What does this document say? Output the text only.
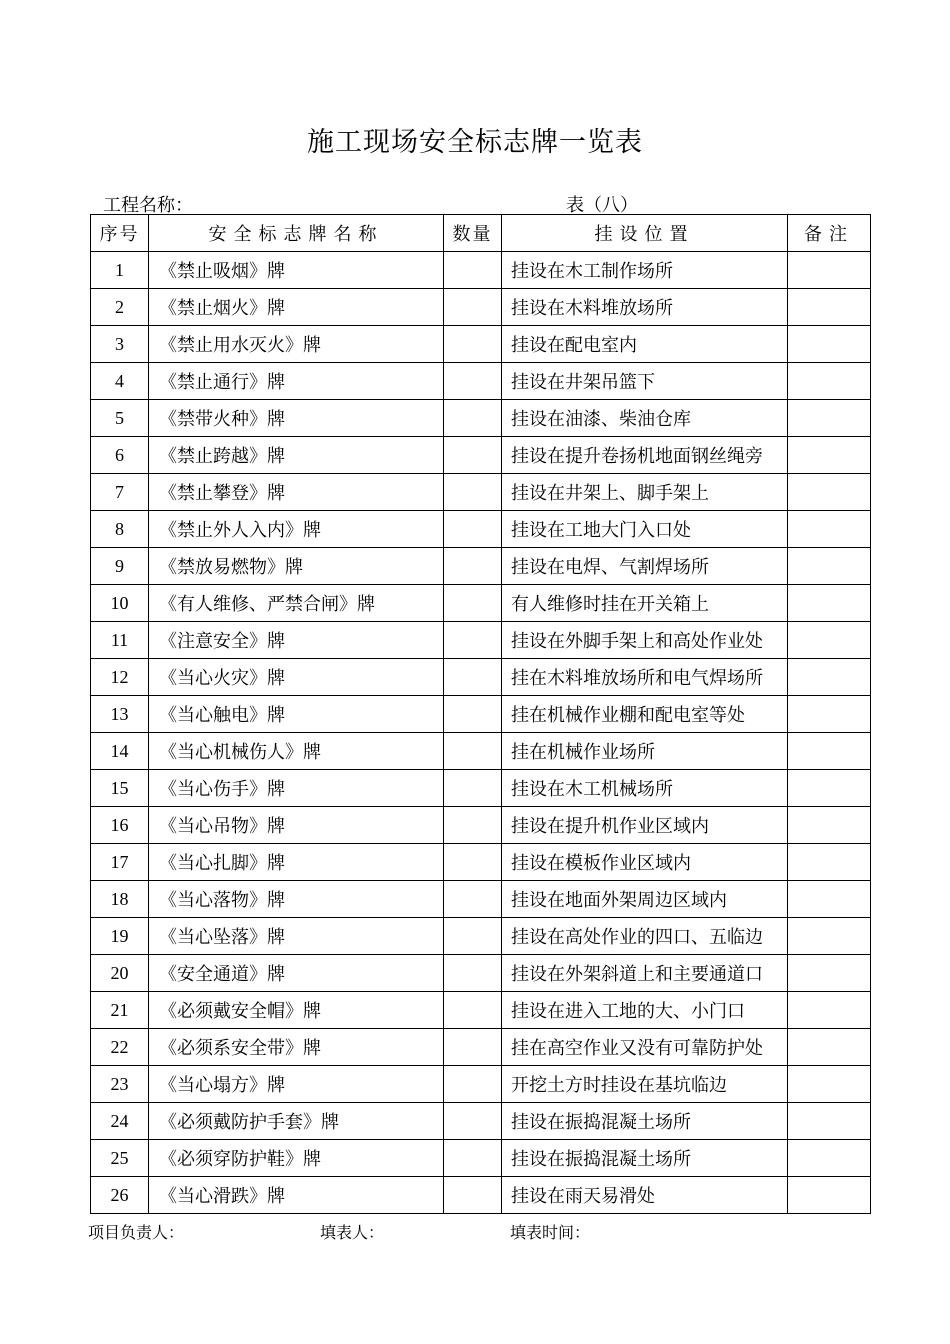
施工现场安全标志牌一览表
工程名称：	表（八）
序号	安全标志牌名称	数量	挂设位置	备注
1	《禁止吸烟》牌		挂设在木工制作场所	
2	《禁止烟火》牌		挂设在木料堆放场所	
3	《禁止用水灭火》牌		挂设在配电室内	
4	《禁止通行》牌		挂设在井架吊篮下	
5	《禁带火种》牌		挂设在油漆、柴油仓库	
6	《禁止跨越》牌		挂设在提升卷扬机地面钢丝绳旁	
7	《禁止攀登》牌		挂设在井架上、脚手架上	
8	《禁止外人入内》牌		挂设在工地大门入口处	
9	《禁放易燃物》牌		挂设在电焊、气割焊场所	
10	《有人维修、严禁合闸》牌		有人维修时挂在开关箱上	
11	《注意安全》牌		挂设在外脚手架上和高处作业处	
12	《当心火灾》牌		挂在木料堆放场所和电气焊场所	
13	《当心触电》牌		挂在机械作业棚和配电室等处	
14	《当心机械伤人》牌		挂在机械作业场所	
15	《当心伤手》牌		挂设在木工机械场所	
16	《当心吊物》牌		挂设在提升机作业区域内	
17	《当心扎脚》牌		挂设在模板作业区域内	
18	《当心落物》牌		挂设在地面外架周边区域内	
19	《当心坠落》牌		挂设在高处作业的四口、五临边	
20	《安全通道》牌		挂设在外架斜道上和主要通道口	
21	《必须戴安全帽》牌		挂设在进入工地的大、小门口	
22	《必须系安全带》牌		挂在高空作业又没有可靠防护处	
23	《当心塌方》牌		开挖土方时挂设在基坑临边	
24	《必须戴防护手套》牌		挂设在振捣混凝土场所	
25	《必须穿防护鞋》牌		挂设在振捣混凝土场所	
26	《当心滑跌》牌		挂设在雨天易滑处	
项目负责人：	填表人：	填表时间：
